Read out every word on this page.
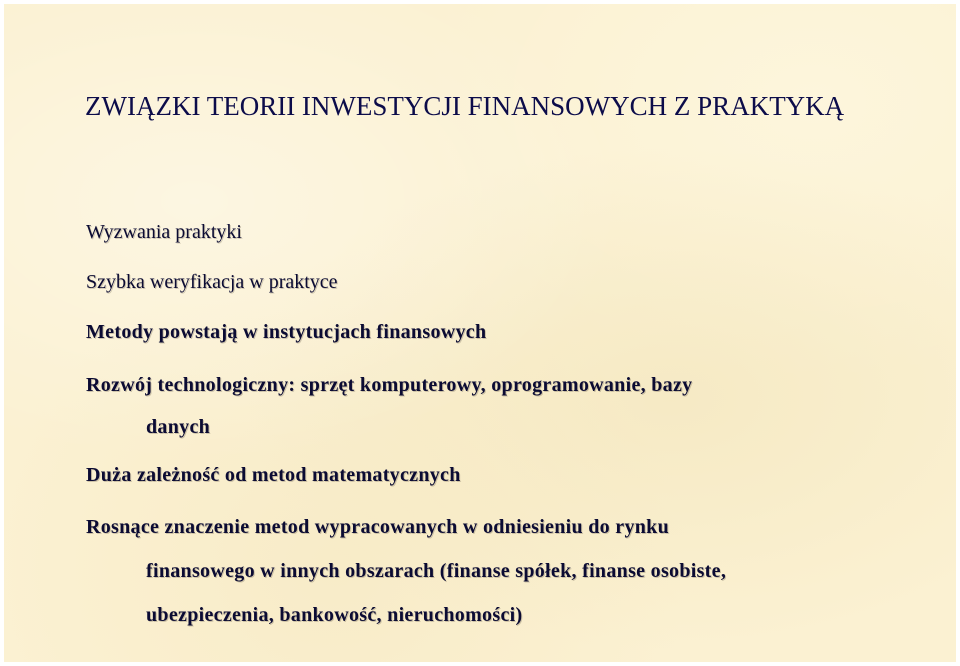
ZWIĄZKI TEORII INWESTYCJI FINANSOWYCH Z PRAKTYKĄ

Wyzwania praktyki

Szybka weryfikacja w praktyce

Metody powstają w instytucjach finansowych

Rozwój technologiczny: sprzęt komputerowy, oprogramowanie, bazy

danych

Duża zależność od metod matematycznych

Rosnące znaczenie metod wypracowanych w odniesieniu do rynku

finansowego w innych obszarach (finanse spółek, finanse osobiste,

ubezpieczenia, bankowość, nieruchomości)
